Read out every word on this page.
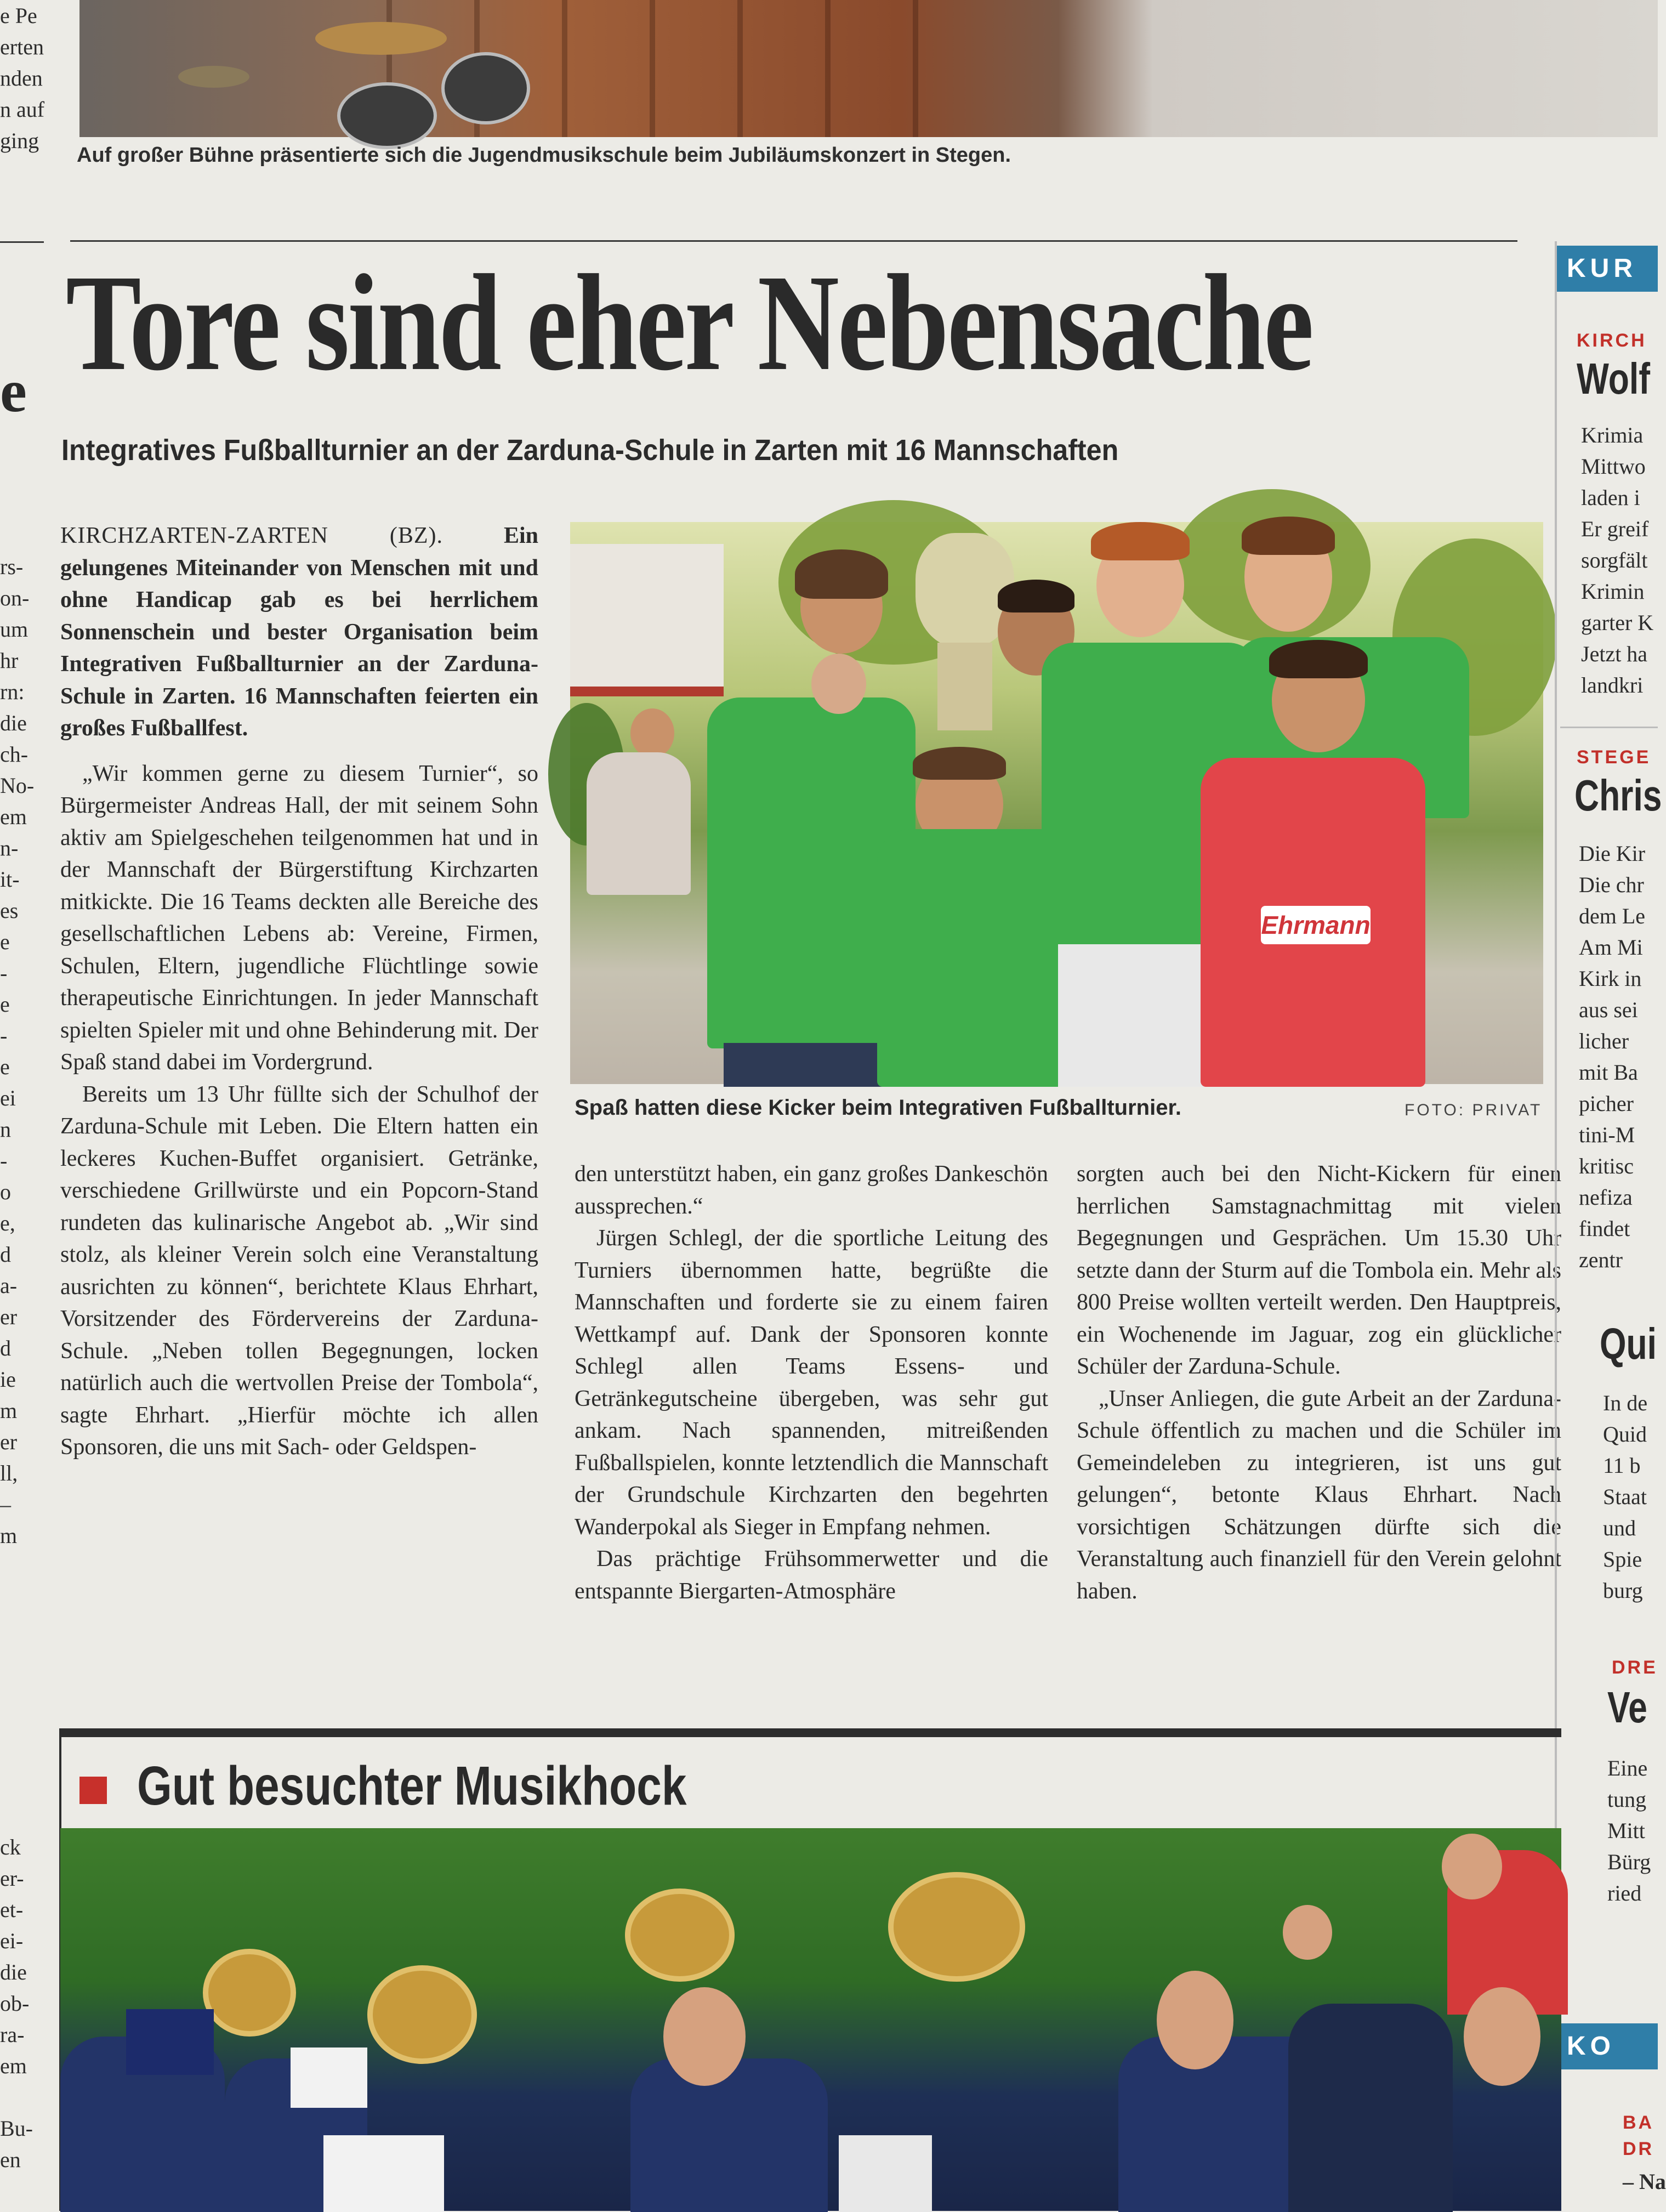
Auf großer Bühne präsentierte sich die Jugendmusikschule beim Jubiläumskonzert in Stegen.
e Pe
erten
nden
n auf
ging
e
rs-
on-
um
hr
rn:
die
ch-
No-
em
n-
it-
es
e
-
e
-
e
ei
n
-
o
e,
d
a-
er
d
ie
m
er
ll,
–
m
ck
er-
et-
ei-
die
ob-
ra-
em
Bu-
en
Tore sind eher Nebensache
Integratives Fußballturnier an der Zarduna-Schule in Zarten mit 16 Mannschaften

KIRCHZARTEN-ZARTEN (BZ).	Ein gelungenes Miteinander von Menschen mit und ohne Handicap gab es bei herrlichem Sonnenschein und bester Organisation beim Integrativen Fußballturnier an der Zarduna-Schule in Zarten. 16 Mannschaften feierten ein großes Fußballfest.

„Wir kommen gerne zu diesem Turnier“, so Bürgermeister Andreas Hall, der mit seinem Sohn aktiv am Spielgeschehen teilgenommen hat und in der Mannschaft der Bürgerstiftung Kirchzarten mitkickte. Die 16 Teams deckten alle Bereiche des gesellschaftlichen Lebens ab: Vereine, Firmen, Schulen, Eltern, jugendliche Flüchtlinge sowie therapeutische Einrichtungen. In jeder Mannschaft spielten Spieler mit und ohne Behinderung mit. Der Spaß stand dabei im Vordergrund.

Bereits um 13 Uhr füllte sich der Schulhof der Zarduna-Schule mit Leben. Die Eltern hatten ein leckeres Kuchen-Buffet organisiert. Getränke, verschiedene Grillwürste und ein Popcorn-Stand rundeten das kulinarische Angebot ab. „Wir sind stolz, als kleiner Verein solch eine Veranstaltung ausrichten zu können“, berichtete Klaus Ehrhart, Vorsitzender des Fördervereins der Zarduna-Schule. „Neben tollen Begegnungen, locken natürlich auch die wertvollen Preise der Tombola“, sagte Ehrhart. „Hierfür möchte ich allen Sponsoren, die uns mit Sach- oder Geldspen-

Ehrmann
Spaß hatten diese Kicker beim Integrativen Fußballturnier.	FOTO: PRIVAT

den unterstützt haben, ein ganz großes Dankeschön aussprechen.“

Jürgen Schlegl, der die sportliche Leitung des Turniers übernommen hatte, begrüßte die Mannschaften und forderte sie zu einem fairen Wettkampf auf. Dank der Sponsoren konnte Schlegl allen Teams Essens- und Getränkegutscheine übergeben, was sehr gut ankam. Nach spannenden, mitreißenden Fußballspielen, konnte letztendlich die Mannschaft der Grundschule Kirchzarten den begehrten Wanderpokal als Sieger in Empfang nehmen.

Das prächtige Frühsommerwetter und die entspannte Biergarten-Atmosphäre

sorgten auch bei den Nicht-Kickern für einen herrlichen Samstagnachmittag mit vielen Begegnungen und Gesprächen. Um 15.30 Uhr setzte dann der Sturm auf die Tombola ein. Mehr als 800 Preise wollten verteilt werden. Den Hauptpreis, ein Wochenende im Jaguar, zog ein glücklicher Schüler der Zarduna-Schule.

„Unser Anliegen, die gute Arbeit an der Zarduna-Schule öffentlich zu machen und die Schüler im Gemeindeleben zu integrieren, ist uns gut gelungen“, betonte Klaus Ehrhart. Nach vorsichtigen Schätzungen dürfte sich die Veranstaltung auch finanziell für den Verein gelohnt haben.

KUR
KIRCH
Wolf
Krimia
Mittwo
laden i
Er greif
sorgfält
Krimin
garter K
Jetzt ha
landkri
STEGE
Chris
Die Kir
Die chr
dem Le
Am Mi
Kirk in
aus sei
licher
mit Ba
picher
tini-M
kritisc
nefiza
findet
zentr
Qui
In de
Quid
11 b
Staat
und
Spie
burg
DRE
Ve
Eine
tung
Mitt
Bürg
ried
KO
BA
DR
– Na
Gut besuchter Musikhock
